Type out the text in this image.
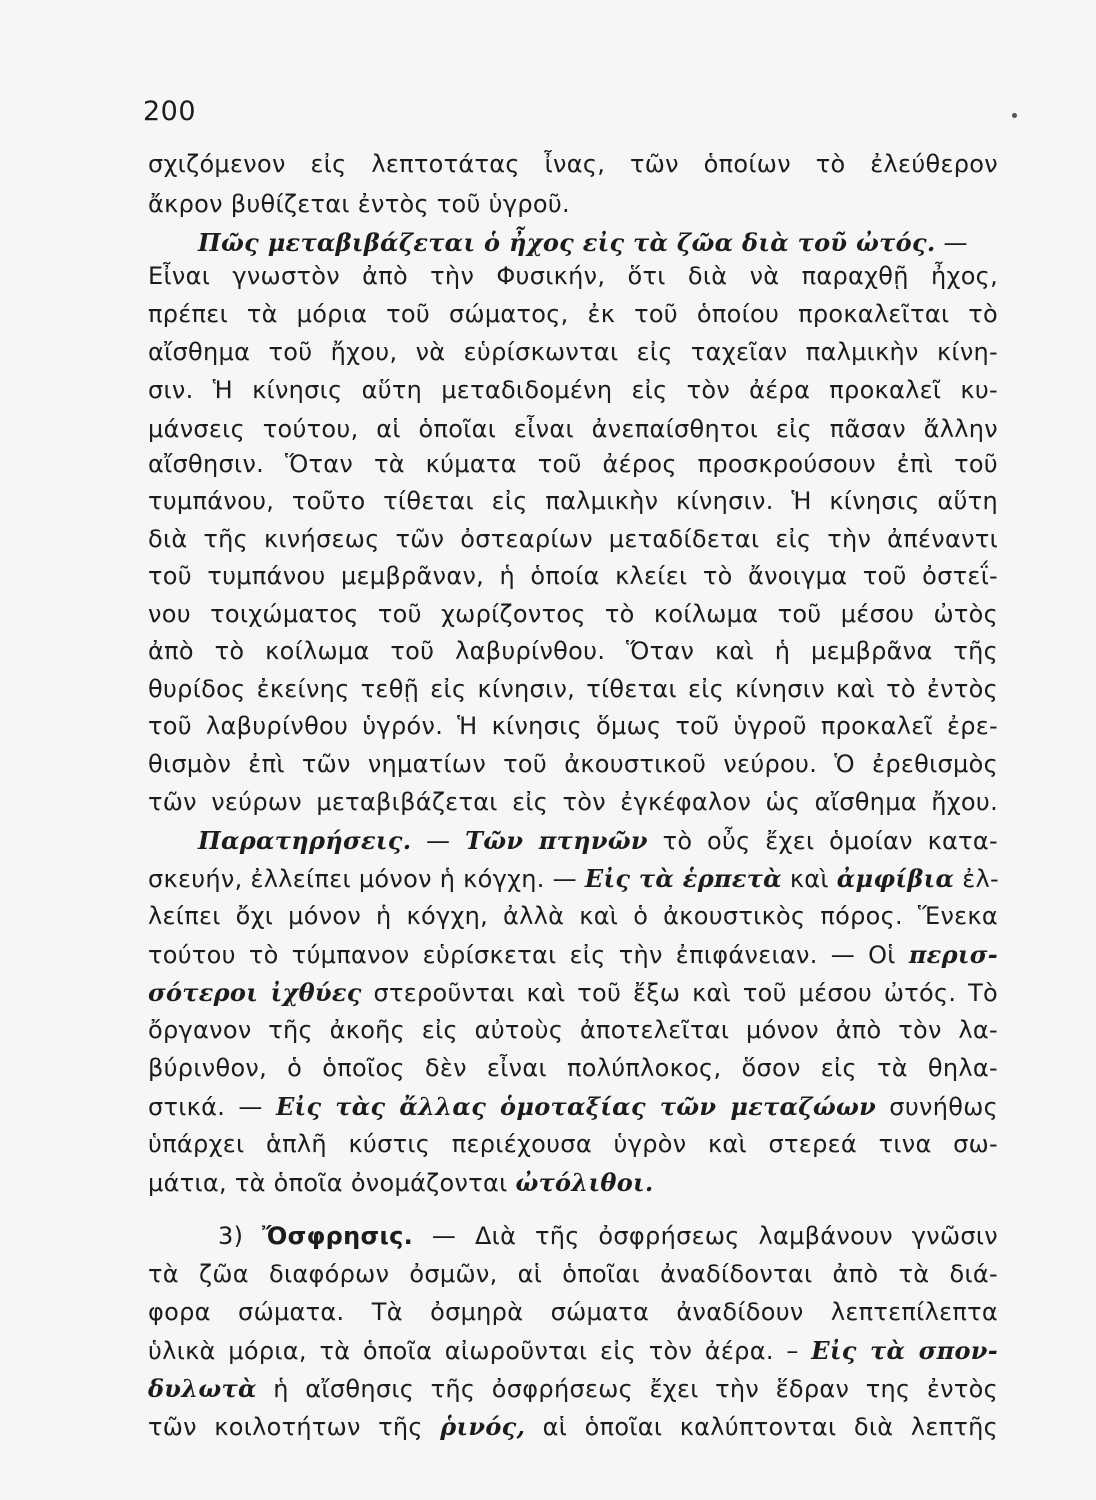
200
σχιζόμενον εἰς λεπτοτάτας ἶνας, τῶν ὁποίων τὸ ἐλεύθερον
ἄκρον βυθίζεται ἐντὸς τοῦ ὑγροῦ.
Πῶς μεταβιβάζεται ὁ ἦχος εἰς τὰ ζῶα διὰ τοῦ ὠτός. —
Εἶναι γνωστὸν ἀπὸ τὴν Φυσικήν, ὅτι διὰ νὰ παραχθῇ ἦχος,
πρέπει τὰ μόρια τοῦ σώματος, ἐκ τοῦ ὁποίου προκαλεῖται τὸ
αἴσθημα τοῦ ἤχου, νὰ εὑρίσκωνται εἰς ταχεῖαν παλμικὴν κίνη-
σιν. Ἡ κίνησις αὕτη μεταδιδομένη εἰς τὸν ἀέρα προκαλεῖ κυ-
μάνσεις τούτου, αἱ ὁποῖαι εἶναι ἀνεπαίσθητοι εἰς πᾶσαν ἄλλην
αἴσθησιν. Ὅταν τὰ κύματα τοῦ ἀέρος προσκρούσουν ἐπὶ τοῦ
τυμπάνου, τοῦτο τίθεται εἰς παλμικὴν κίνησιν. Ἡ κίνησις αὕτη
διὰ τῆς κινήσεως τῶν ὀστεαρίων μεταδίδεται εἰς τὴν ἀπέναντι
τοῦ τυμπάνου μεμβρᾶναν, ἡ ὁποία κλείει τὸ ἄνοιγμα τοῦ ὀστεΐ-
νου τοιχώματος τοῦ χωρίζοντος τὸ κοίλωμα τοῦ μέσου ὠτὸς
ἀπὸ τὸ κοίλωμα τοῦ λαβυρίνθου. Ὅταν καὶ ἡ μεμβρᾶνα τῆς
θυρίδος ἐκείνης τεθῇ εἰς κίνησιν, τίθεται εἰς κίνησιν καὶ τὸ ἐντὸς
τοῦ λαβυρίνθου ὑγρόν. Ἡ κίνησις ὅμως τοῦ ὑγροῦ προκαλεῖ ἐρε-
θισμὸν ἐπὶ τῶν νηματίων τοῦ ἀκουστικοῦ νεύρου. Ὁ ἐρεθισμὸς
τῶν νεύρων μεταβιβάζεται εἰς τὸν ἐγκέφαλον ὡς αἴσθημα ἤχου.
Παρατηρήσεις. — Τῶν πτηνῶν τὸ οὖς ἔχει ὁμοίαν κατα-
σκευήν, ἐλλείπει μόνον ἡ κόγχη. — Εἰς τὰ ἑρπετὰ καὶ ἀμφίβια ἐλ-
λείπει ὄχι μόνον ἡ κόγχη, ἀλλὰ καὶ ὁ ἀκουστικὸς πόρος. Ἕνεκα
τούτου τὸ τύμπανον εὑρίσκεται εἰς τὴν ἐπιφάνειαν. — Οἱ περισ-
σότεροι ἰχθύες στεροῦνται καὶ τοῦ ἔξω καὶ τοῦ μέσου ὠτός. Τὸ
ὄργανον τῆς ἀκοῆς εἰς αὐτοὺς ἀποτελεῖται μόνον ἀπὸ τὸν λα-
βύρινθον, ὁ ὁποῖος δὲν εἶναι πολύπλοκος, ὅσον εἰς τὰ θηλα-
στικά. — Εἰς τὰς ἄλλας ὁμοταξίας τῶν μεταζώων συνήθως
ὑπάρχει ἁπλῆ κύστις περιέχουσα ὑγρὸν καὶ στερεά τινα σω-
μάτια, τὰ ὁποῖα ὀνομάζονται ὠτόλιθοι.
3) Ὄσφρησις. — Διὰ τῆς ὀσφρήσεως λαμβάνουν γνῶσιν
τὰ ζῶα διαφόρων ὀσμῶν, αἱ ὁποῖαι ἀναδίδονται ἀπὸ τὰ διά-
φορα σώματα. Τὰ ὀσμηρὰ σώματα ἀναδίδουν λεπτεπίλεπτα
ὑλικὰ μόρια, τὰ ὁποῖα αἰωροῦνται εἰς τὸν ἀέρα. – Εἰς τὰ σπον-
δυλωτὰ ἡ αἴσθησις τῆς ὀσφρήσεως ἔχει τὴν ἕδραν της ἐντὸς
τῶν κοιλοτήτων τῆς ῥινός, αἱ ὁποῖαι καλύπτονται διὰ λεπτῆς
